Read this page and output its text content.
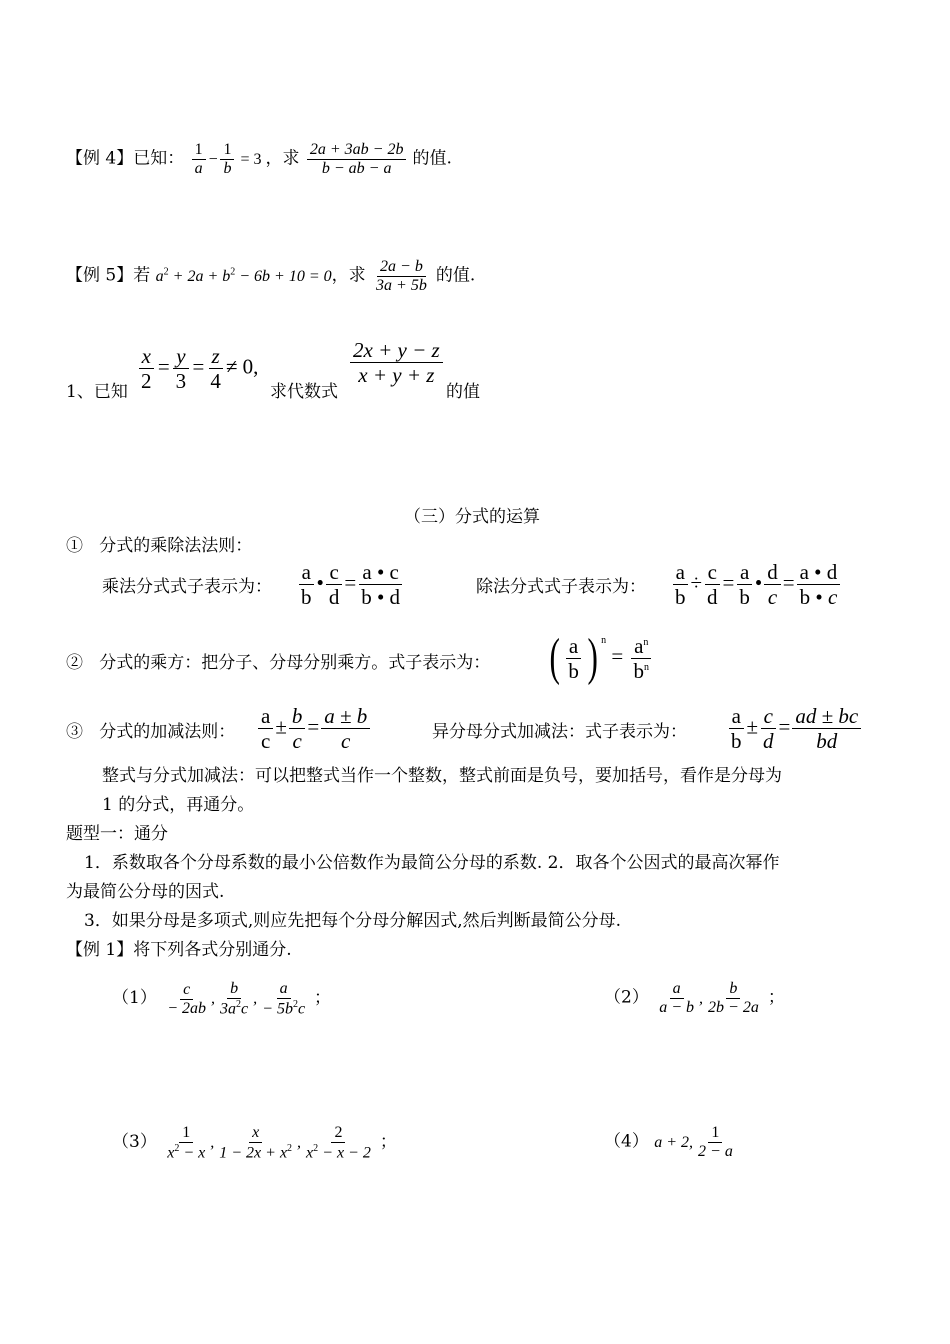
【例 4】已知： $\frac{1}{a} - \frac{1}{b} = 3$ ，求 $\frac{2a + 3ab - 2b}{b - ab - a}$ 的值.
【例 5】若 $a^2 + 2a + b^2 - 6b + 10 = 0$，求 $\frac{2a - b}{3a + 5b}$ 的值.
1、已知 $\frac{x}{2} = \frac{y}{3} = \frac{z}{4} \ne 0$,
求代数式
$\frac{2x + y - z}{x + y + z}$
的值
（三）分式的运算
① 分式的乘除法法则：
乘法分式式子表示为： $\frac{a}{b}$ • $\frac{c}{d} = \frac{a • c}{b • d}$	除法分式式子表示为： $\frac{a}{b} \div \frac{c}{d} = \frac{a}{b}$ • $\frac{d}{c} = \frac{a • d}{b • c}$
② 分式的乘方：把分子、分母分别乘方。式子表示为： ( $\frac{a}{b}$ ) $^n = \frac{a^n}{b^n}$
③ 分式的加减法则： $\frac{a}{c} \pm \frac{b}{c} = \frac{a \pm b}{c}$	异分母分式加减法：式子表示为： $\frac{a}{b} \pm \frac{c}{d} = \frac{ad \pm bc}{bd}$
整式与分式加减法：可以把整式当作一个整数，整式前面是负号，要加括号，看作是分母为
1 的分式，再通分。
题型一：通分
1．系数取各个分母系数的最小公倍数作为最简公分母的系数. 2．取各个公因式的最高次幂作
为最简公分母的因式.
3．如果分母是多项式,则应先把每个分母分解因式,然后判断最简公分母.
【例 1】将下列各式分别通分.
$(1) \frac{c}{- 2ab}$ , $\frac{b}{3a^2c}$ , $\frac{a}{- 5b^2c}$ ；	$(2) \frac{a}{a - b}$ , $\frac{b}{2b - 2a}$ ；
$(3) \frac{1}{x^2 - x}$ , $\frac{x}{1 - 2x + x^2}$ , $\frac{2}{x^2 - x - 2}$ ；	（4） a + 2, $\frac{1}{2 - a}$
